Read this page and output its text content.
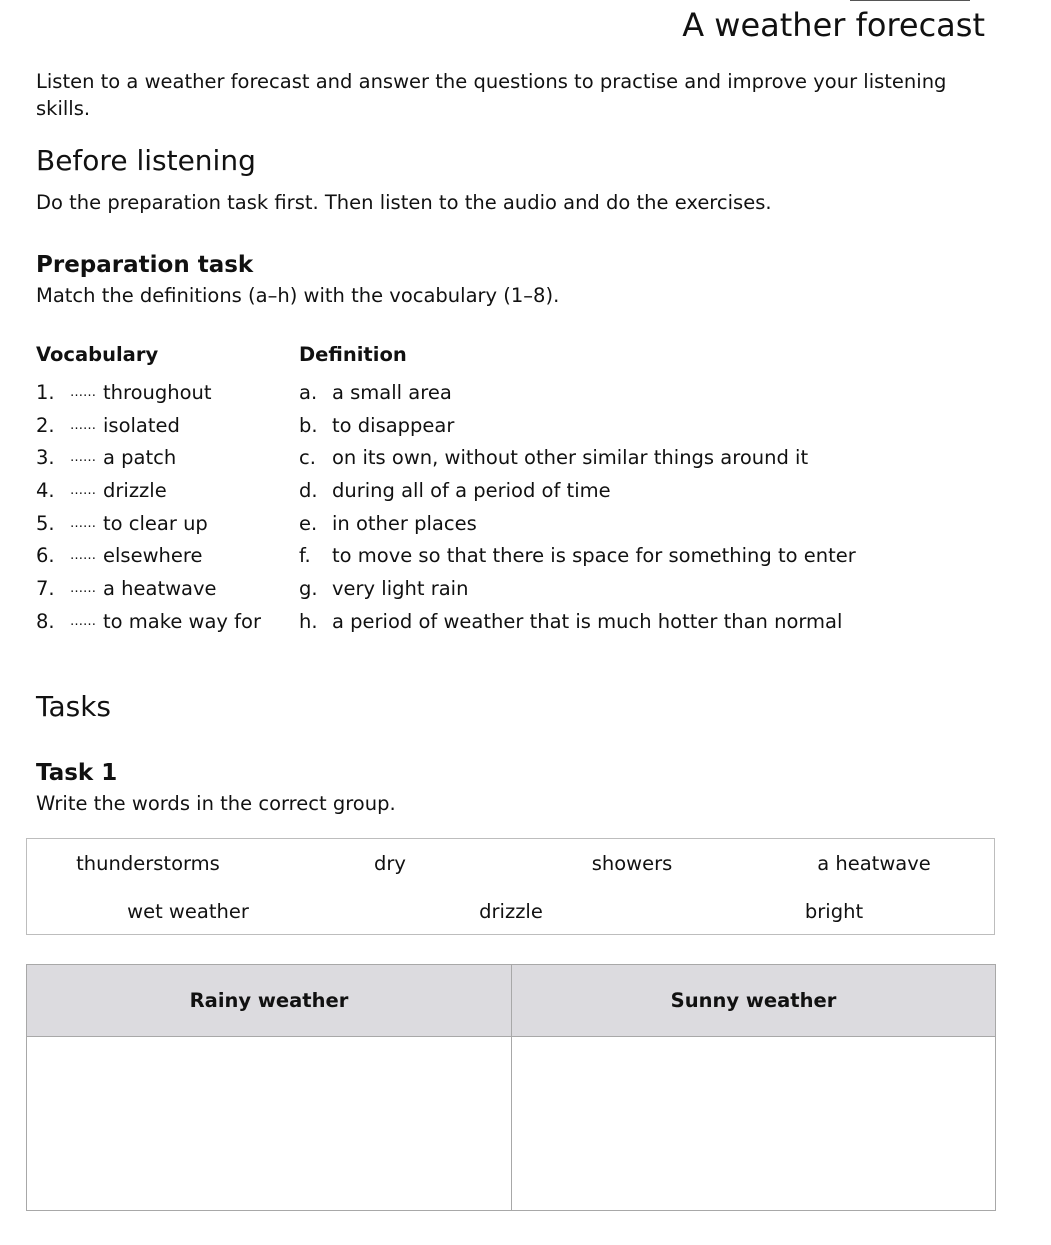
A weather forecast

Listen to a weather forecast and answer the questions to practise and improve your listening skills.

Before listening

Do the preparation task first. Then listen to the audio and do the exercises.

Preparation task

Match the definitions (a–h) with the vocabulary (1–8).

Vocabulary	Definition
1. …… throughout	a. a small area
2. …… isolated	b. to disappear
3. …… a patch	c. on its own, without other similar things around it
4. …… drizzle	d. during all of a period of time
5. …… to clear up	e. in other places
6. …… elsewhere	f. to move so that there is space for something to enter
7. …… a heatwave	g. very light rain
8. …… to make way for h. a period of weather that is much hotter than normal
Tasks
Task 1

Write the words in the correct group.

thunderstorms	dry	showers	a heatwave
wet weather	drizzle	bright
Rainy weather	Sunny weather
